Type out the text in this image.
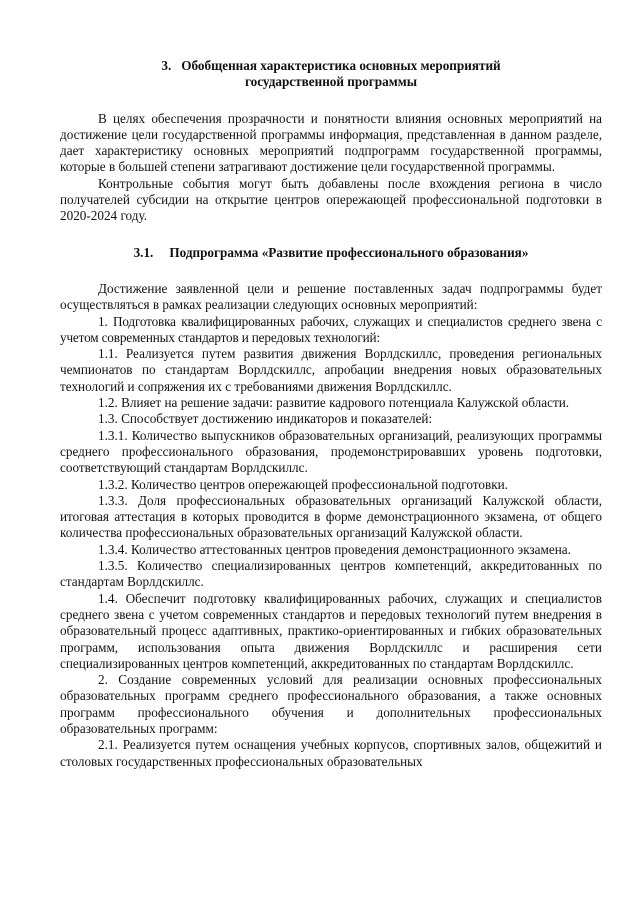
3. Обобщенная характеристика основных мероприятий
государственной программы

В целях обеспечения прозрачности и понятности влияния основных мероприятий на достижение цели государственной программы информация, представленная в данном разделе, дает характеристику основных мероприятий подпрограмм государственной программы, которые в большей степени затрагивают достижение цели государственной программы.

Контрольные события могут быть добавлены после вхождения региона в число получателей субсидии на открытие центров опережающей профессиональной подготовки в 2020-2024 году.

3.1. Подпрограмма «Развитие профессионального образования»

Достижение заявленной цели и решение поставленных задач подпрограммы будет осуществляться в рамках реализации следующих основных мероприятий:

1. Подготовка квалифицированных рабочих, служащих и специалистов среднего звена с учетом современных стандартов и передовых технологий:

1.1. Реализуется путем развития движения Ворлдскиллс, проведения региональных чемпионатов по стандартам Ворлдскиллс, апробации внедрения новых образовательных технологий и сопряжения их с требованиями движения Ворлдскиллс.

1.2. Влияет на решение задачи: развитие кадрового потенциала Калужской области.

1.3. Способствует достижению индикаторов и показателей:

1.3.1. Количество выпускников образовательных организаций, реализующих программы среднего профессионального образования, продемонстрировавших уровень подготовки, соответствующий стандартам Ворлдскиллс.

1.3.2. Количество центров опережающей профессиональной подготовки.

1.3.3. Доля профессиональных образовательных организаций Калужской области, итоговая аттестация в которых проводится в форме демонстрационного экзамена, от общего количества профессиональных образовательных организаций Калужской области.

1.3.4. Количество аттестованных центров проведения демонстрационного экзамена.

1.3.5. Количество специализированных центров компетенций, аккредитованных по стандартам Ворлдскиллс.

1.4. Обеспечит подготовку квалифицированных рабочих, служащих и специалистов среднего звена с учетом современных стандартов и передовых технологий путем внедрения в образовательный процесс адаптивных, практико-ориентированных и гибких образовательных программ, использования опыта движения Ворлдскиллс и расширения сети специализированных центров компетенций, аккредитованных по стандартам Ворлдскиллс.

2. Создание современных условий для реализации основных профессиональных образовательных программ среднего профессионального образования, а также основных программ профессионального обучения и дополнительных профессиональных образовательных программ:

2.1. Реализуется путем оснащения учебных корпусов, спортивных залов, общежитий и столовых государственных профессиональных образовательных
